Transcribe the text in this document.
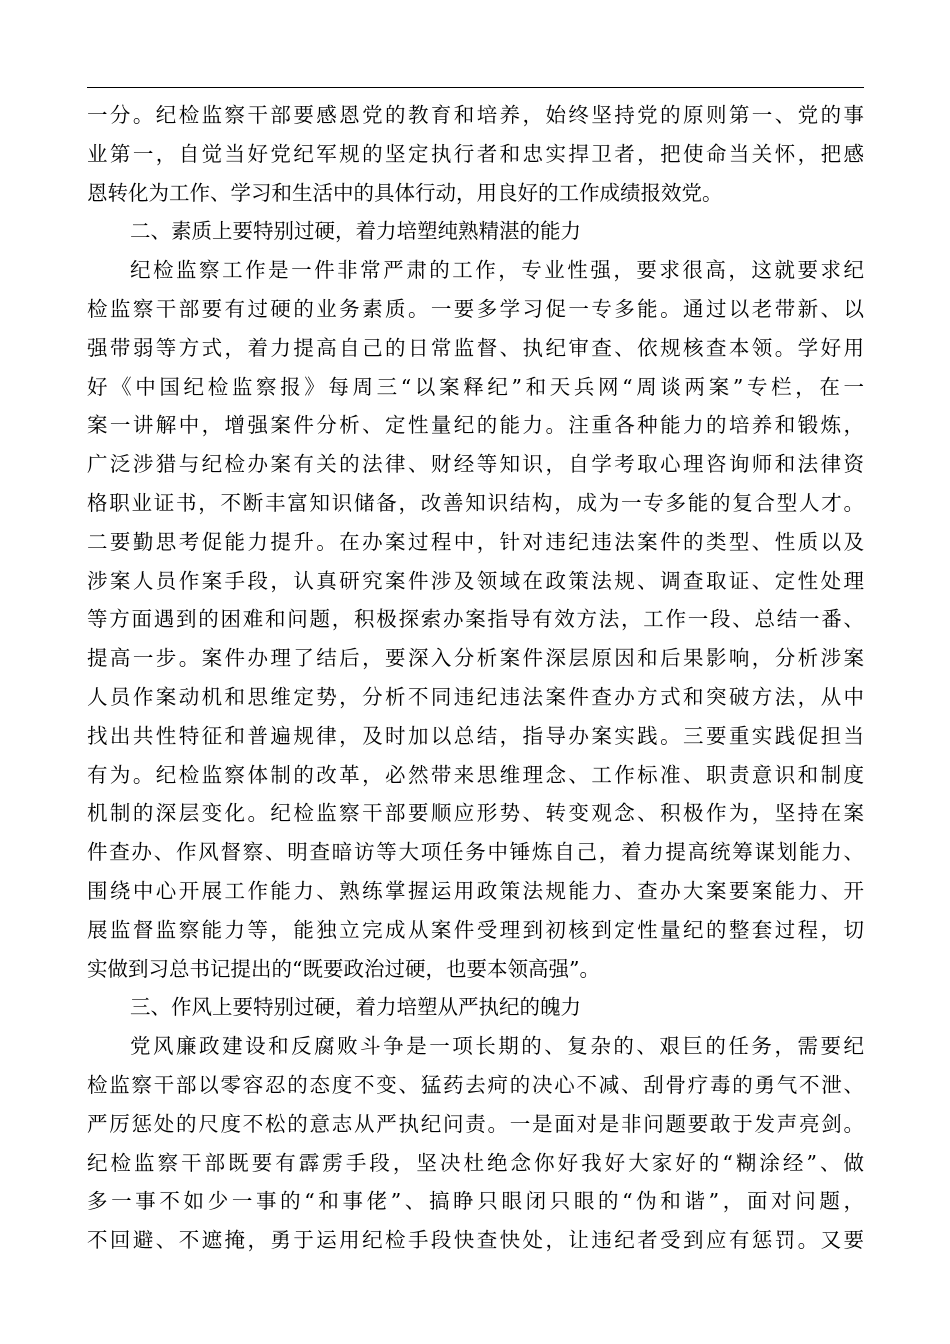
一分。纪检监察干部要感恩党的教育和培养，始终坚持党的原则第一、党的事
业第一，自觉当好党纪军规的坚定执行者和忠实捍卫者，把使命当关怀，把感
恩转化为工作、学习和生活中的具体行动，用良好的工作成绩报效党。
二、素质上要特别过硬，着力培塑纯熟精湛的能力
纪检监察工作是一件非常严肃的工作，专业性强，要求很高，这就要求纪
检监察干部要有过硬的业务素质。一要多学习促一专多能。通过以老带新、以
强带弱等方式，着力提高自己的日常监督、执纪审查、依规核查本领。学好用
好《中国纪检监察报》每周三“以案释纪”和天兵网“周谈两案”专栏，在一
案一讲解中，增强案件分析、定性量纪的能力。注重各种能力的培养和锻炼，
广泛涉猎与纪检办案有关的法律、财经等知识，自学考取心理咨询师和法律资
格职业证书，不断丰富知识储备，改善知识结构，成为一专多能的复合型人才。
二要勤思考促能力提升。在办案过程中，针对违纪违法案件的类型、性质以及
涉案人员作案手段，认真研究案件涉及领域在政策法规、调查取证、定性处理
等方面遇到的困难和问题，积极探索办案指导有效方法，工作一段、总结一番、
提高一步。案件办理了结后，要深入分析案件深层原因和后果影响，分析涉案
人员作案动机和思维定势，分析不同违纪违法案件查办方式和突破方法，从中
找出共性特征和普遍规律，及时加以总结，指导办案实践。三要重实践促担当
有为。纪检监察体制的改革，必然带来思维理念、工作标准、职责意识和制度
机制的深层变化。纪检监察干部要顺应形势、转变观念、积极作为，坚持在案
件查办、作风督察、明查暗访等大项任务中锤炼自己，着力提高统筹谋划能力、
围绕中心开展工作能力、熟练掌握运用政策法规能力、查办大案要案能力、开
展监督监察能力等，能独立完成从案件受理到初核到定性量纪的整套过程，切
实做到习总书记提出的“既要政治过硬，也要本领高强”。
三、作风上要特别过硬，着力培塑从严执纪的魄力
党风廉政建设和反腐败斗争是一项长期的、复杂的、艰巨的任务，需要纪
检监察干部以零容忍的态度不变、猛药去疴的决心不减、刮骨疗毒的勇气不泄、
严厉惩处的尺度不松的意志从严执纪问责。一是面对是非问题要敢于发声亮剑。
纪检监察干部既要有霹雳手段，坚决杜绝念你好我好大家好的“糊涂经”、做
多一事不如少一事的“和事佬”、搞睁只眼闭只眼的“伪和谐”，面对问题，
不回避、不遮掩，勇于运用纪检手段快查快处，让违纪者受到应有惩罚。又要
